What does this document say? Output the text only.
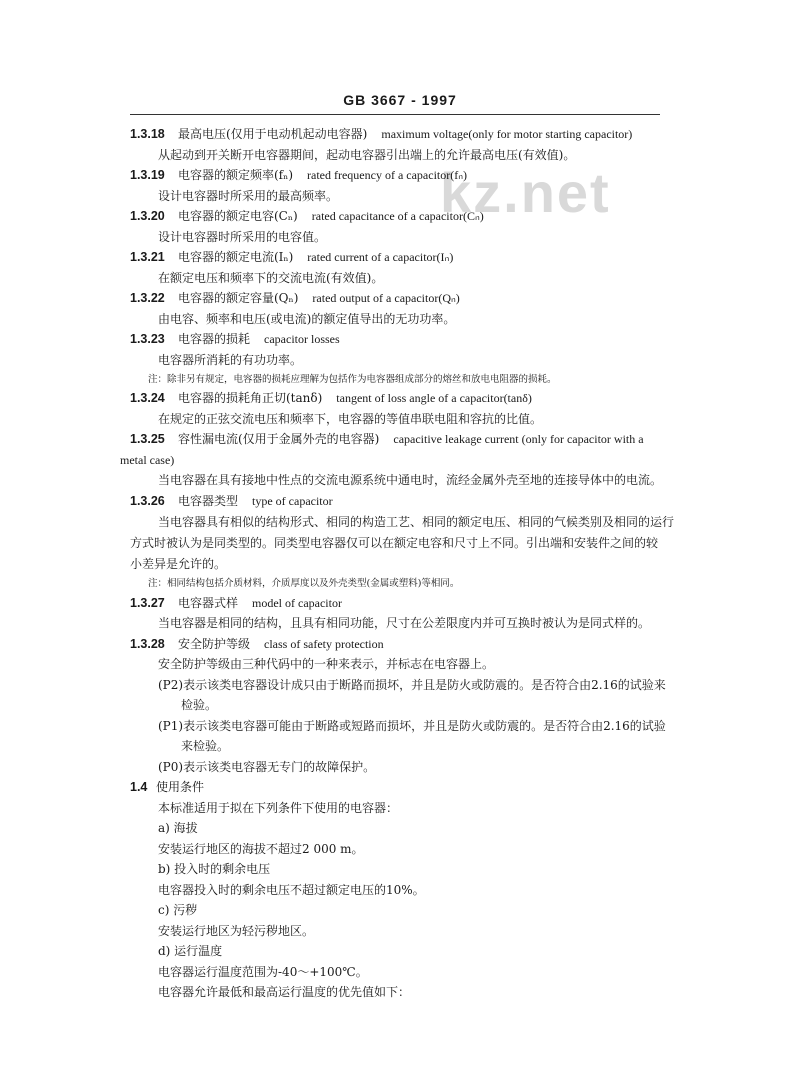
kz.net
GB 3667 - 1997
1.3.18 最高电压(仅用于电动机起动电容器) maximum voltage(only for motor starting capacitor)
从起动到开关断开电容器期间，起动电容器引出端上的允许最高电压(有效值)。
1.3.19 电容器的额定频率(fₙ) rated frequency of a capacitor(fₙ)
设计电容器时所采用的最高频率。
1.3.20 电容器的额定电容(Cₙ) rated capacitance of a capacitor(Cₙ)
设计电容器时所采用的电容值。
1.3.21 电容器的额定电流(Iₙ) rated current of a capacitor(Iₙ)
在额定电压和频率下的交流电流(有效值)。
1.3.22 电容器的额定容量(Qₙ) rated output of a capacitor(Qₙ)
由电容、频率和电压(或电流)的额定值导出的无功功率。
1.3.23 电容器的损耗 capacitor losses
电容器所消耗的有功功率。
注：除非另有规定，电容器的损耗应理解为包括作为电容器组成部分的熔丝和放电电阻器的损耗。
1.3.24 电容器的损耗角正切(tanδ) tangent of loss angle of a capacitor(tanδ)
在规定的正弦交流电压和频率下，电容器的等值串联电阻和容抗的比值。
1.3.25 容性漏电流(仅用于金属外壳的电容器) capacitive leakage current (only for capacitor with a
metal case)
当电容器在具有接地中性点的交流电源系统中通电时，流经金属外壳至地的连接导体中的电流。
1.3.26 电容器类型 type of capacitor
当电容器具有相似的结构形式、相同的构造工艺、相同的额定电压、相同的气候类别及相同的运行
方式时被认为是同类型的。同类型电容器仅可以在额定电容和尺寸上不同。引出端和安装件之间的较
小差异是允许的。
注：相同结构包括介质材料，介质厚度以及外壳类型(金属或塑料)等相同。
1.3.27 电容器式样 model of capacitor
当电容器是相同的结构，且具有相同功能，尺寸在公差限度内并可互换时被认为是同式样的。
1.3.28 安全防护等级 class of safety protection
安全防护等级由三种代码中的一种来表示，并标志在电容器上。
(P2)表示该类电容器设计成只由于断路而损坏，并且是防火或防震的。是否符合由2.16的试验来
检验。
(P1)表示该类电容器可能由于断路或短路而损坏，并且是防火或防震的。是否符合由2.16的试验
来检验。
(P0)表示该类电容器无专门的故障保护。
1.4 使用条件
本标准适用于拟在下列条件下使用的电容器：
a) 海拔
安装运行地区的海拔不超过2 000 m。
b) 投入时的剩余电压
电容器投入时的剩余电压不超过额定电压的10%。
c) 污秽
安装运行地区为轻污秽地区。
d) 运行温度
电容器运行温度范围为-40～+100℃。
电容器允许最低和最高运行温度的优先值如下：
